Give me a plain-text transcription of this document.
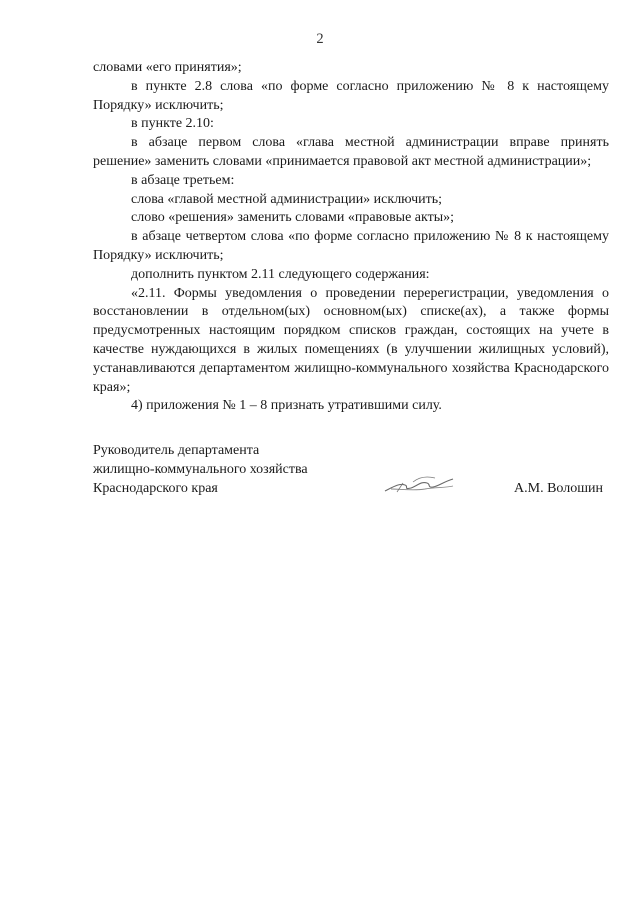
2

словами «его принятия»;

в пункте 2.8 слова «по форме согласно приложению № 8 к настоящему Порядку» исключить;

в пункте 2.10:

в абзаце первом слова «глава местной администрации вправе принять решение» заменить словами «принимается правовой акт местной администрации»;

в абзаце третьем:

слова «главой местной администрации» исключить;

слово «решения» заменить словами «правовые акты»;

в абзаце четвертом слова «по форме согласно приложению № 8 к настоящему Порядку» исключить;

дополнить пунктом 2.11 следующего содержания:

«2.11. Формы уведомления о проведении перерегистрации, уведомления о восстановлении в отдельном(ых) основном(ых) списке(ах), а также формы предусмотренных настоящим порядком списков граждан, состоящих на учете в качестве нуждающихся в жилых помещениях (в улучшении жилищных условий), устанавливаются департаментом жилищно-коммунального хозяйства Краснодарского края»;

4) приложения № 1 – 8 признать утратившими силу.

Руководитель департамента

жилищно-коммунального хозяйства

Краснодарского края	А.М. Волошин
